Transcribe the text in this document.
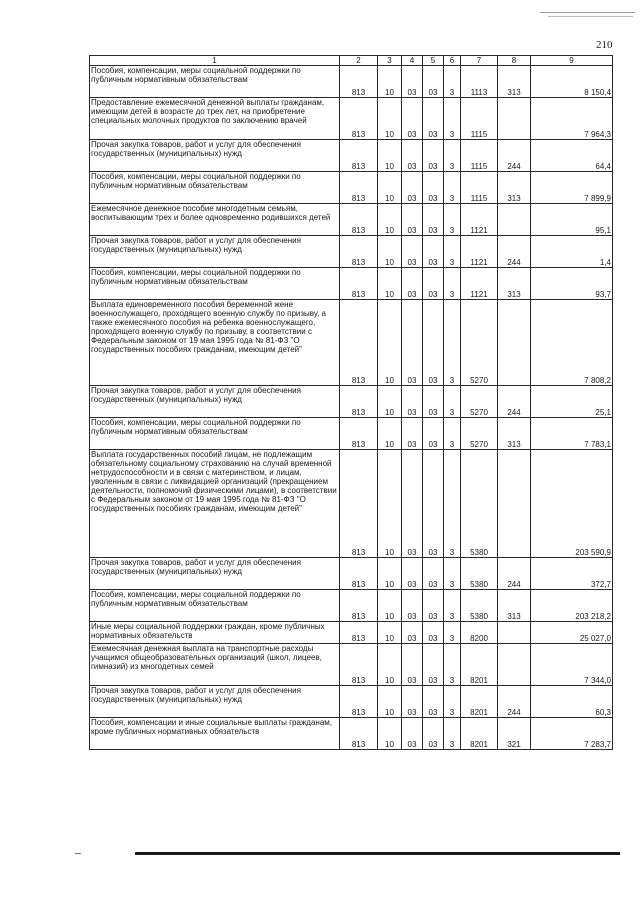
210
1	2	3	4	5	6	7	8	9
Пособия, компенсации, меры социальной поддержки по публичным нормативным обязательствам	813	10	03	03	3	1113	313	8 150,4
Предоставление ежемесячной денежной выплаты гражданам, имеющим детей в возрасте до трех лет, на приобретение специальных молочных продуктов по заключению врачей	813	10	03	03	3	1115		7 964,3
Прочая закупка товаров, работ и услуг для обеспечения государственных (муниципальных) нужд	813	10	03	03	3	1115	244	64,4
Пособия, компенсации, меры социальной поддержки по публичным нормативным обязательствам	813	10	03	03	3	1115	313	7 899,9
Ежемесячное денежное пособие многодетным семьям, воспитывающим трех и более одновременно родившихся детей	813	10	03	03	3	1121		95,1
Прочая закупка товаров, работ и услуг для обеспечения государственных (муниципальных) нужд	813	10	03	03	3	1121	244	1,4
Пособия, компенсации, меры социальной поддержки по публичным нормативным обязательствам	813	10	03	03	3	1121	313	93,7
Выплата единовременного пособия беременной жене военнослужащего, проходящего военную службу по призыву, а также ежемесячного пособия на ребенка военнослужащего, проходящего военную службу по призыву, в соответствии с Федеральным законом от 19 мая 1995 года № 81-ФЗ "О государственных пособиях гражданам, имеющим детей"	813	10	03	03	3	5270		7 808,2
Прочая закупка товаров, работ и услуг для обеспечения государственных (муниципальных) нужд	813	10	03	03	3	5270	244	25,1
Пособия, компенсации, меры социальной поддержки по публичным нормативным обязательствам	813	10	03	03	3	5270	313	7 783,1
Выплата государственных пособий лицам, не подлежащим обязательному социальному страхованию на случай временной нетрудоспособности и в связи с материнством, и лицам, уволенным в связи с ликвидацией организаций (прекращением деятельности, полномочий физическими лицами), в соответствии с Федеральным законом от 19 мая 1995 года № 81-ФЗ "О государственных пособиях гражданам, имеющим детей"	813	10	03	03	3	5380		203 590,9
Прочая закупка товаров, работ и услуг для обеспечения государственных (муниципальных) нужд	813	10	03	03	3	5380	244	372,7
Пособия, компенсации, меры социальной поддержки по публичным нормативным обязательствам	813	10	03	03	3	5380	313	203 218,2
Иные меры социальной поддержки граждан, кроме публичных нормативных обязательств	813	10	03	03	3	8200		25 027,0
Ежемесячная денежная выплата на транспортные расходы учащимся общеобразовательных организаций (школ, лицеев, гимназий) из многодетных семей	813	10	03	03	3	8201		7 344,0
Прочая закупка товаров, работ и услуг для обеспечения государственных (муниципальных) нужд	813	10	03	03	3	8201	244	60,3
Пособия, компенсации и иные социальные выплаты гражданам, кроме публичных нормативных обязательств	813	10	03	03	3	8201	321	7 283,7
